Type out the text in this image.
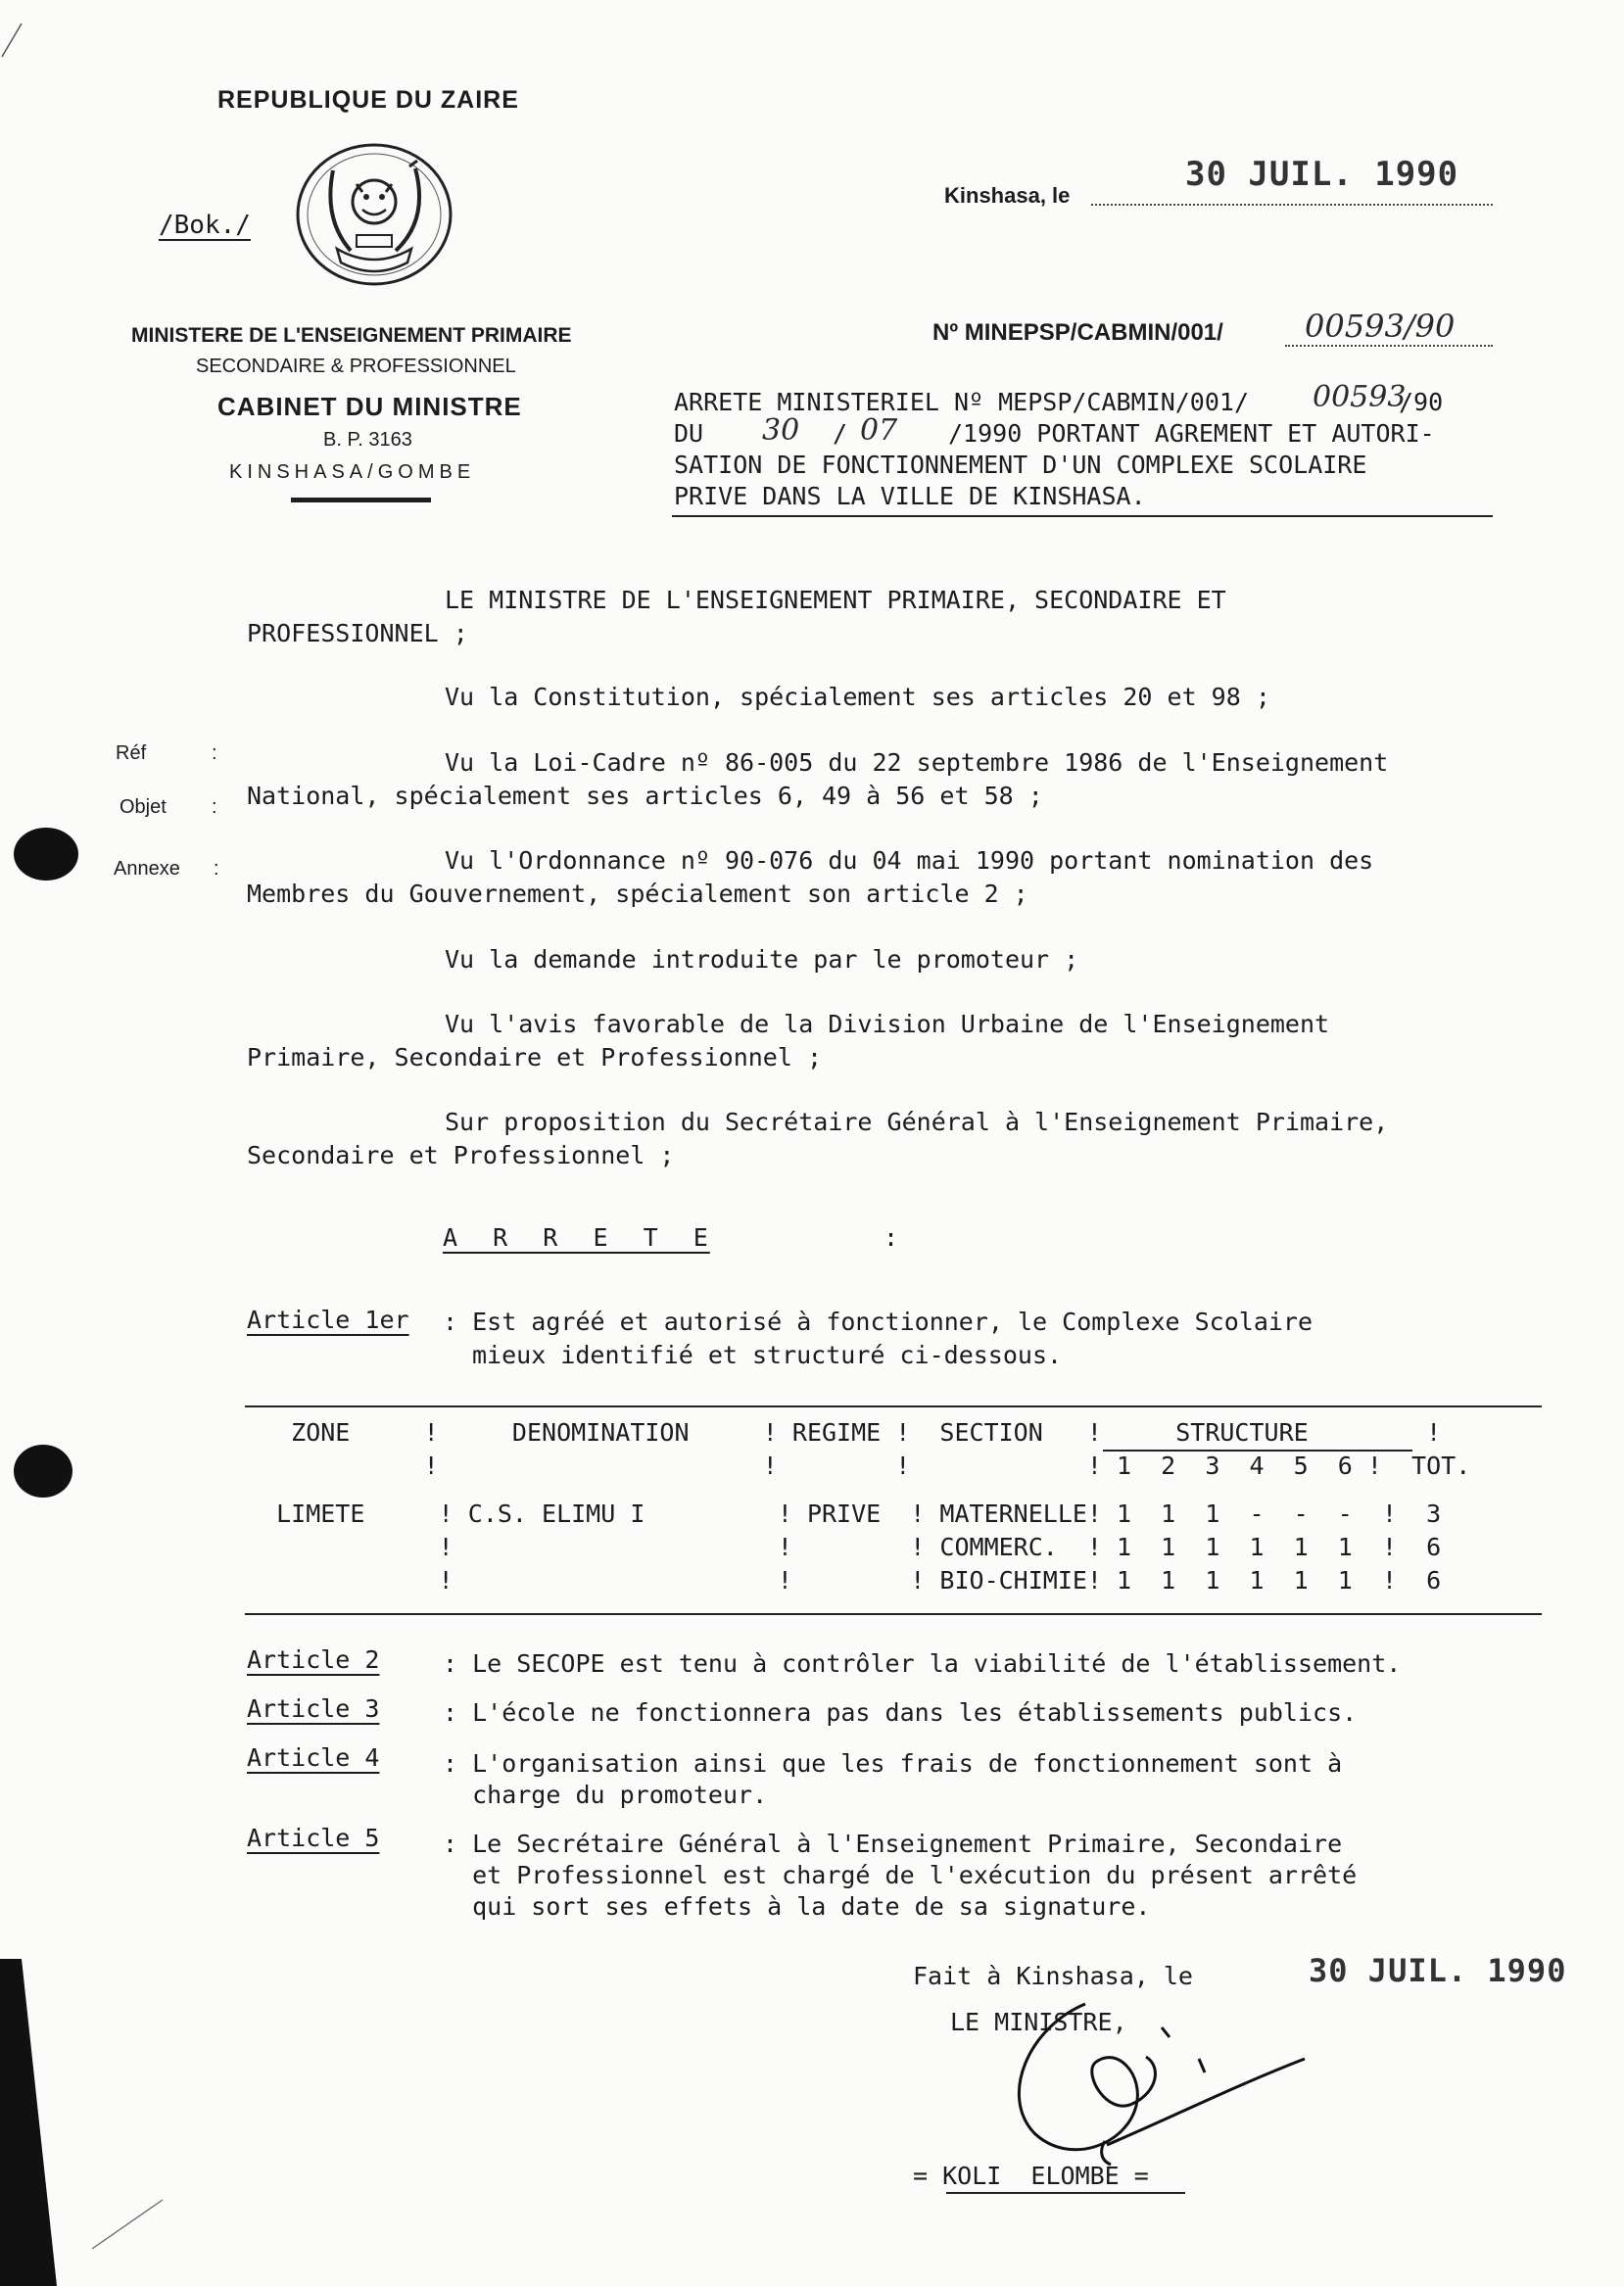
REPUBLIQUE DU ZAIRE
/Bok./
MINISTERE DE L'ENSEIGNEMENT PRIMAIRE
SECONDAIRE & PROFESSIONNEL
CABINET DU MINISTRE
B. P. 3163
KINSHASA/GOMBE
Kinshasa, le
30 JUIL. 1990
Nº MINEPSP/CABMIN/001/	00593/90
ARRETE MINISTERIEL Nº MEPSP/CABMIN/001/ 00593
/90
DU 30 / 07 /1990 PORTANT AGREMENT ET AUTORI-
SATION DE FONCTIONNEMENT D'UN COMPLEXE SCOLAIRE
PRIVE DANS LA VILLE DE KINSHASA.
Réf	:
Objet :
Annexe :
LE MINISTRE DE L'ENSEIGNEMENT PRIMAIRE, SECONDAIRE ET
PROFESSIONNEL ;
Vu la Constitution, spécialement ses articles 20 et 98 ;
Vu la Loi-Cadre nº 86-005 du 22 septembre 1986 de l'Enseignement
National, spécialement ses articles 6, 49 à 56 et 58 ;
Vu l'Ordonnance nº 90-076 du 04 mai 1990 portant nomination des
Membres du Gouvernement, spécialement son article 2 ;
Vu la demande introduite par le promoteur ;
Vu l'avis favorable de la Division Urbaine de l'Enseignement
Primaire, Secondaire et Professionnel ;
Sur proposition du Secrétaire Général à l'Enseignement Primaire,
Secondaire et Professionnel ;
A  R  R  E  T  E	:
Article 1er : Est agréé et autorisé à fonctionner, le Complexe Scolaire
mieux identifié et structuré ci-dessous.
ZONE     !     DENOMINATION     ! REGIME !  SECTION   !     STRUCTURE        !
!                      !        !            ! 1  2  3  4  5  6 !  TOT.
LIMETE     ! C.S. ELIMU I         ! PRIVE  ! MATERNELLE! 1  1  1  -  -  -  !  3
!                      !        ! COMMERC.  ! 1  1  1  1  1  1  !  6
!                      !        ! BIO-CHIMIE! 1  1  1  1  1  1  !  6
Article 2	: Le SECOPE est tenu à contrôler la viabilité de l'établissement.
Article 3	: L'école ne fonctionnera pas dans les établissements publics.
Article 4	: L'organisation ainsi que les frais de fonctionnement sont à
charge du promoteur.
Article 5	: Le Secrétaire Général à l'Enseignement Primaire, Secondaire
et Professionnel est chargé de l'exécution du présent arrêté
qui sort ses effets à la date de sa signature.
Fait à Kinshasa, le	30 JUIL. 1990
LE MINISTRE,
= KOLI  ELOMBE =
